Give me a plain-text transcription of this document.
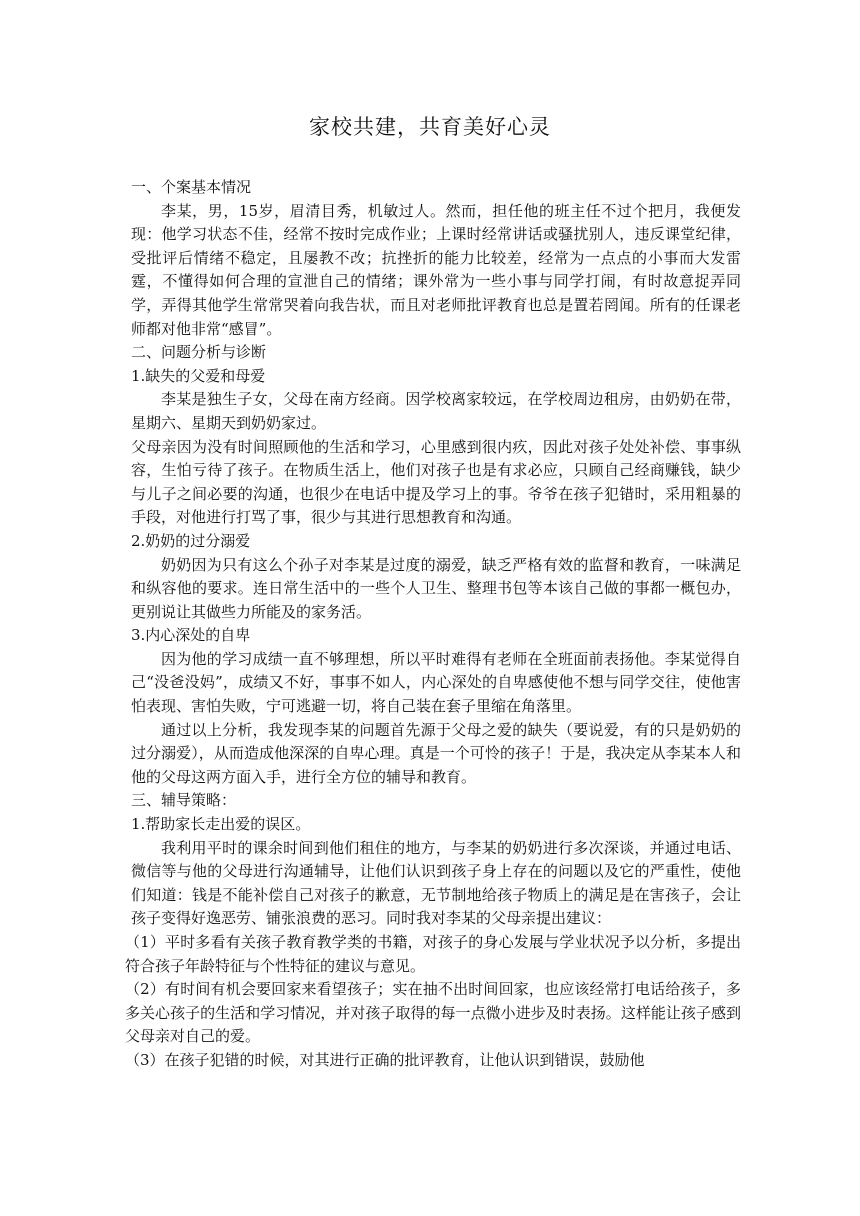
家校共建，共育美好心灵

一、个案基本情况

李某，男，15岁，眉清目秀，机敏过人。然而，担任他的班主任不过个把月，我便发现：他学习状态不佳，经常不按时完成作业；上课时经常讲话或骚扰别人，违反课堂纪律，受批评后情绪不稳定，且屡教不改；抗挫折的能力比较差，经常为一点点的小事而大发雷霆，不懂得如何合理的宣泄自己的情绪；课外常为一些小事与同学打闹，有时故意捉弄同学，弄得其他学生常常哭着向我告状，而且对老师批评教育也总是置若罔闻。所有的任课老师都对他非常“感冒”。

二、问题分析与诊断

1.缺失的父爱和母爱

李某是独生子女，父母在南方经商。因学校离家较远，在学校周边租房，由奶奶在带，星期六、星期天到奶奶家过。

父母亲因为没有时间照顾他的生活和学习，心里感到很内疚，因此对孩子处处补偿、事事纵容，生怕亏待了孩子。在物质生活上，他们对孩子也是有求必应，只顾自己经商赚钱，缺少与儿子之间必要的沟通，也很少在电话中提及学习上的事。爷爷在孩子犯错时，采用粗暴的手段，对他进行打骂了事，很少与其进行思想教育和沟通。

2.奶奶的过分溺爱

奶奶因为只有这么个孙子对李某是过度的溺爱，缺乏严格有效的监督和教育，一味满足和纵容他的要求。连日常生活中的一些个人卫生、整理书包等本该自己做的事都一概包办，更别说让其做些力所能及的家务活。

3.内心深处的自卑

因为他的学习成绩一直不够理想，所以平时难得有老师在全班面前表扬他。李某觉得自己“没爸没妈”，成绩又不好，事事不如人，内心深处的自卑感使他不想与同学交往，使他害怕表现、害怕失败，宁可逃避一切，将自己装在套子里缩在角落里。

通过以上分析，我发现李某的问题首先源于父母之爱的缺失（要说爱，有的只是奶奶的过分溺爱），从而造成他深深的自卑心理。真是一个可怜的孩子！于是，我决定从李某本人和他的父母这两方面入手，进行全方位的辅导和教育。

三、辅导策略：

1.帮助家长走出爱的误区。

我利用平时的课余时间到他们租住的地方，与李某的奶奶进行多次深谈，并通过电话、微信等与他的父母进行沟通辅导，让他们认识到孩子身上存在的问题以及它的严重性，使他们知道：钱是不能补偿自己对孩子的歉意，无节制地给孩子物质上的满足是在害孩子，会让孩子变得好逸恶劳、铺张浪费的恶习。同时我对李某的父母亲提出建议：

（1）平时多看有关孩子教育教学类的书籍，对孩子的身心发展与学业状况予以分析，多提出符合孩子年龄特征与个性特征的建议与意见。

（2）有时间有机会要回家来看望孩子；实在抽不出时间回家，也应该经常打电话给孩子，多多关心孩子的生活和学习情况，并对孩子取得的每一点微小进步及时表扬。这样能让孩子感到父母亲对自己的爱。

（3）在孩子犯错的时候，对其进行正确的批评教育，让他认识到错误，鼓励他
